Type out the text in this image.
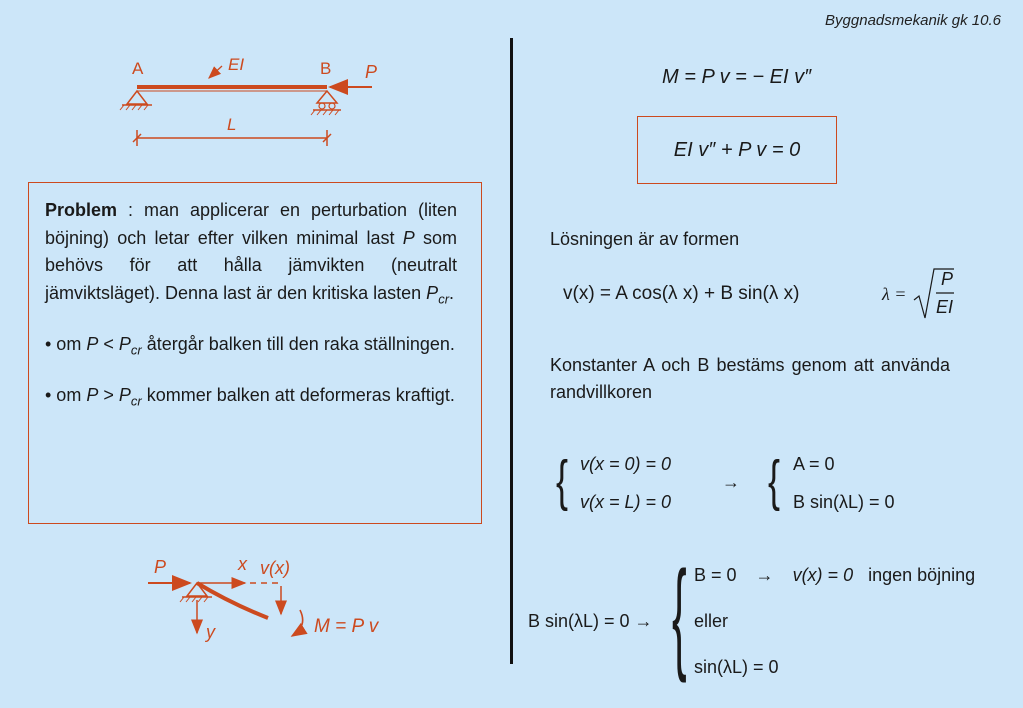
Byggnadsmekanik gk 10.6
A	B
EI	P
L

Problem : man applicerar en perturbation (liten böjning) och letar efter vilken minimal last P som behövs för att hålla jämvikten (neutralt jämviktsläget). Denna last är den kritiska lasten $P_{cr}$.

• om $P < P_{cr}$ återgår balken till den raka ställningen.

• om $P > P_{cr}$ kommer balken att deformeras kraftigt.

P	x v(x)
y	M = P v
M = P v = − EI v″
EI v″ + P v = 0
Lösningen är av formen
v(x) = A cos(λ x) + B sin(λ x)	λ =
P
EI
Konstanter A och B bestäms genom att använda randvillkoren
{ v(x = 0) = 0
v(x = L) = 0
→ { A = 0
B sin(λL) = 0
B sin(λL) = 0 → { B = 0 → v(x) = 0 ingen böjning
eller
sin(λL) = 0
